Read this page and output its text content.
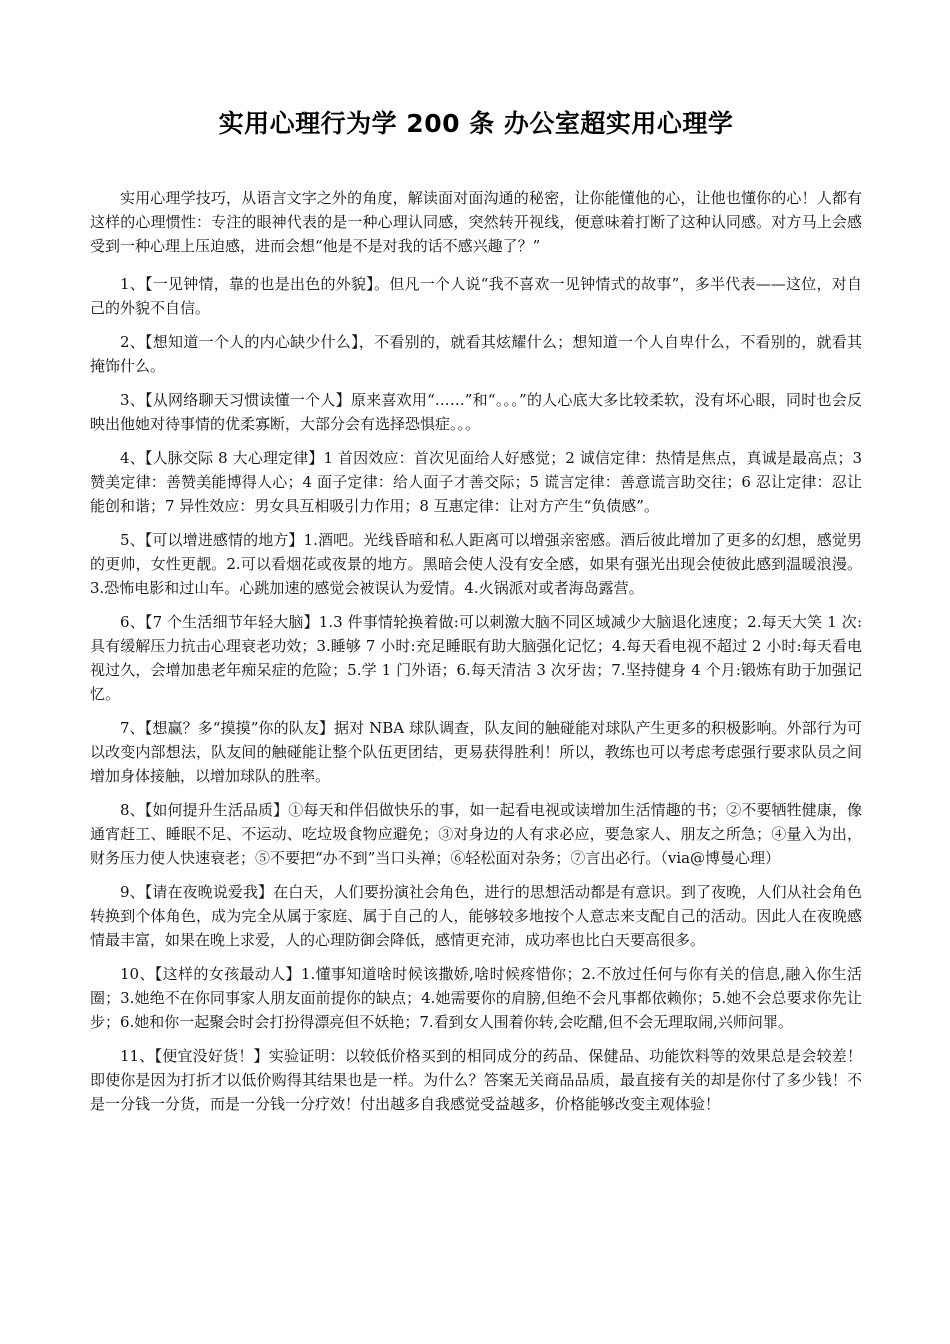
实用心理行为学 200 条 办公室超实用心理学

实用心理学技巧，从语言文字之外的角度，解读面对面沟通的秘密，让你能懂他的心，让他也懂你的心！人都有这样的心理惯性：专注的眼神代表的是一种心理认同感，突然转开视线，便意味着打断了这种认同感。对方马上会感受到一种心理上压迫感，进而会想“他是不是对我的话不感兴趣了？”

1、【一见钟情，靠的也是出色的外貌】。但凡一个人说“我不喜欢一见钟情式的故事”，多半代表——这位，对自己的外貌不自信。

2、【想知道一个人的内心缺少什么】，不看别的，就看其炫耀什么；想知道一个人自卑什么，不看别的，就看其掩饰什么。

3、【从网络聊天习惯读懂一个人】原来喜欢用“……”和“。。。”的人心底大多比较柔软，没有坏心眼，同时也会反映出他她对待事情的优柔寡断，大部分会有选择恐惧症。。。

4、【人脉交际 8 大心理定律】1 首因效应：首次见面给人好感觉；2 诚信定律：热情是焦点，真诚是最高点；3 赞美定律：善赞美能博得人心；4 面子定律：给人面子才善交际；5 谎言定律：善意谎言助交往；6 忍让定律：忍让能创和谐；7 异性效应：男女具互相吸引力作用；8 互惠定律：让对方产生“负债感”。

5、【可以增进感情的地方】1.酒吧。光线昏暗和私人距离可以增强亲密感。酒后彼此增加了更多的幻想，感觉男的更帅，女性更靓。2.可以看烟花或夜景的地方。黑暗会使人没有安全感，如果有强光出现会使彼此感到温暖浪漫。3.恐怖电影和过山车。心跳加速的感觉会被误认为爱情。4.火锅派对或者海岛露营。

6、【7 个生活细节年轻大脑】1.3 件事情轮换着做:可以刺激大脑不同区域减少大脑退化速度；2.每天大笑 1 次:具有缓解压力抗击心理衰老功效；3.睡够 7 小时:充足睡眠有助大脑强化记忆；4.每天看电视不超过 2 小时:每天看电视过久，会增加患老年痴呆症的危险；5.学 1 门外语；6.每天清洁 3 次牙齿；7.坚持健身 4 个月:锻炼有助于加强记忆。

7、【想赢？多“摸摸”你的队友】据对 NBA 球队调查，队友间的触碰能对球队产生更多的积极影响。外部行为可以改变内部想法，队友间的触碰能让整个队伍更团结，更易获得胜利！所以，教练也可以考虑考虑强行要求队员之间增加身体接触，以增加球队的胜率。

8、【如何提升生活品质】①每天和伴侣做快乐的事，如一起看电视或读增加生活情趣的书；②不要牺牲健康，像通宵赶工、睡眠不足、不运动、吃垃圾食物应避免；③对身边的人有求必应，要急家人、朋友之所急；④量入为出，财务压力使人快速衰老；⑤不要把“办不到”当口头禅；⑥轻松面对杂务；⑦言出必行。（via@博曼心理）

9、【请在夜晚说爱我】在白天，人们要扮演社会角色，进行的思想活动都是有意识。到了夜晚，人们从社会角色转换到个体角色，成为完全从属于家庭、属于自己的人，能够较多地按个人意志来支配自己的活动。因此人在夜晚感情最丰富，如果在晚上求爱，人的心理防御会降低，感情更充沛，成功率也比白天要高很多。

10、【这样的女孩最动人】1.懂事知道啥时候该撒娇,啥时候疼惜你；2.不放过任何与你有关的信息,融入你生活圈；3.她绝不在你同事家人朋友面前提你的缺点；4.她需要你的肩膀,但绝不会凡事都依赖你；5.她不会总要求你先让步；6.她和你一起聚会时会打扮得漂亮但不妖艳；7.看到女人围着你转,会吃醋,但不会无理取闹,兴师问罪。

11、【便宜没好货！】实验证明：以较低价格买到的相同成分的药品、保健品、功能饮料等的效果总是会较差！即使你是因为打折才以低价购得其结果也是一样。为什么？答案无关商品品质，最直接有关的却是你付了多少钱！不是一分钱一分货，而是一分钱一分疗效！付出越多自我感觉受益越多，价格能够改变主观体验！
